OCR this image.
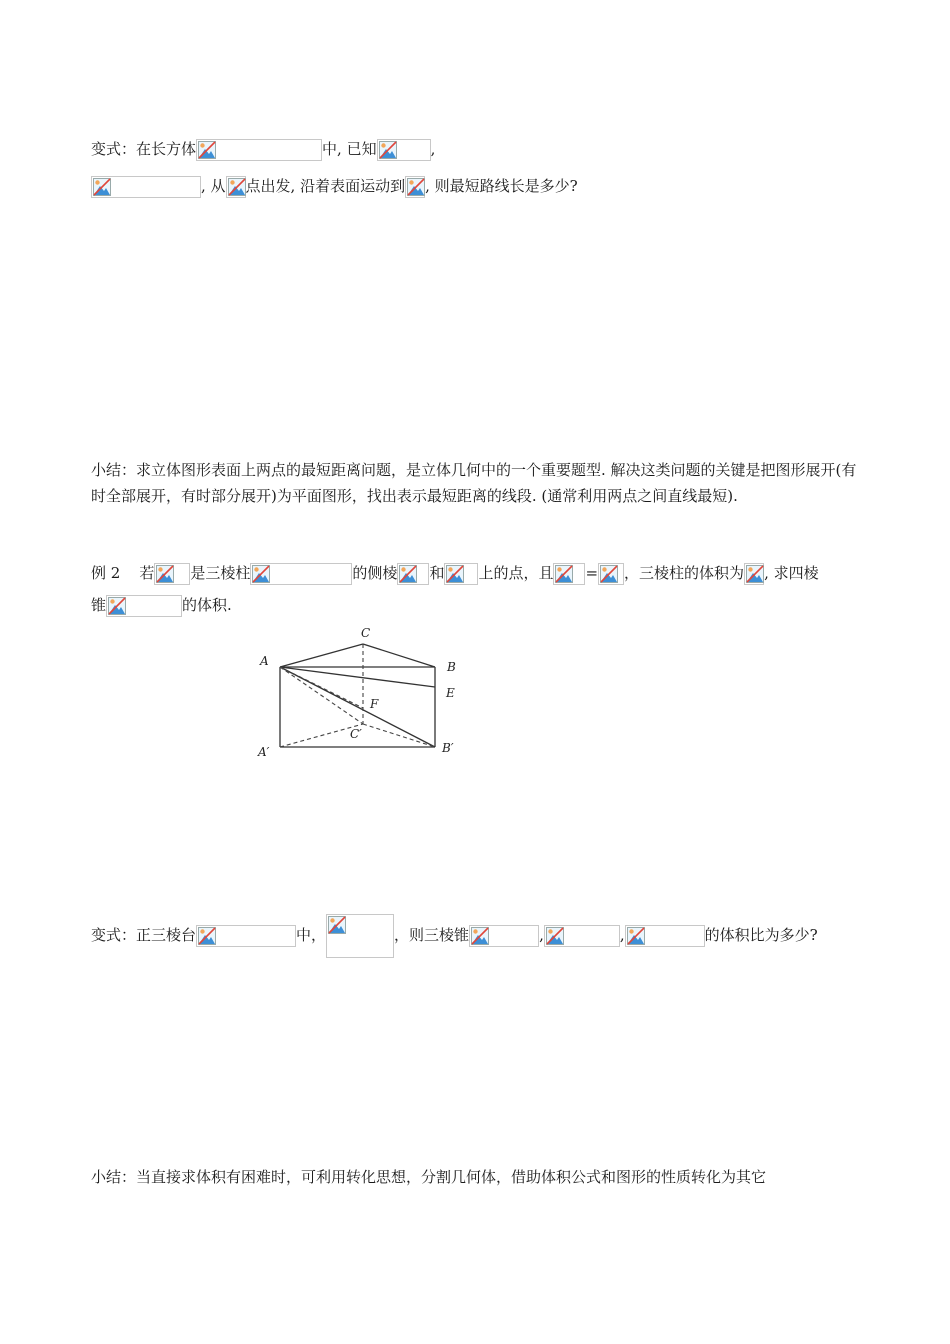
变式：在长方体	中, 已知	,
, 从 点出发, 沿着表面运动到 , 则最短路线长是多少?
小结：求立体图形表面上两点的最短距离问题，是立体几何中的一个重要题型. 解决这类问题的关键是把图形展开(有时全部展开，有时部分展开)为平面图形，找出表示最短距离的线段. (通常利用两点之间直线最短).
例 2 若 是三棱柱	的侧棱 和 上的点，且 = ，三棱柱的体积为 , 求四棱
锥	的体积.
C
A	B
E
F
C′
A′	B′
变式：正三棱台	中，	，则三棱锥	,	,	的体积比为多少?
小结：当直接求体积有困难时，可利用转化思想，分割几何体，借助体积公式和图形的性质转化为其它
